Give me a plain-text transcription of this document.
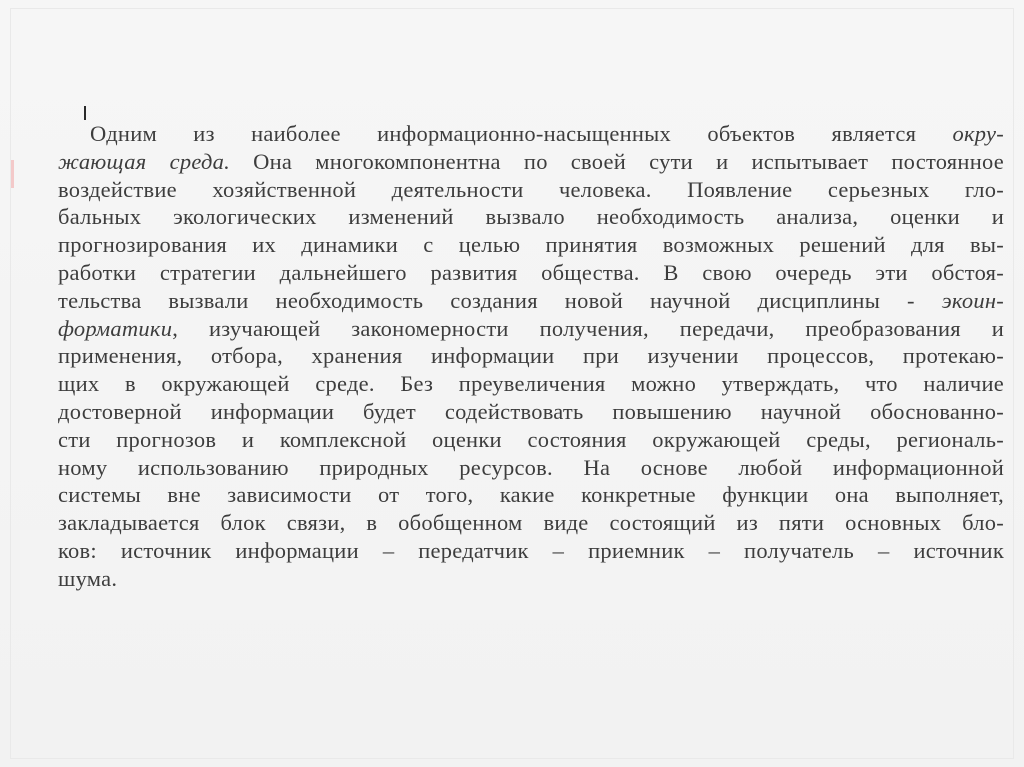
Одним из наиболее информационно-насыщенных объектов является окру-
жающая среда. Она многокомпонентна по своей сути и испытывает постоянное
воздействие хозяйственной деятельности человека. Появление серьезных гло-
бальных экологических изменений вызвало необходимость анализа, оценки и
прогнозирования их динамики с целью принятия возможных решений для вы-
работки стратегии дальнейшего развития общества. В свою очередь эти обстоя-
тельства вызвали необходимость создания новой научной дисциплины - экоин-
форматики, изучающей закономерности получения, передачи, преобразования и
применения, отбора, хранения информации при изучении процессов, протекаю-
щих в окружающей среде. Без преувеличения можно утверждать, что наличие
достоверной информации будет содействовать повышению научной обоснованно-
сти прогнозов и комплексной оценки состояния окружающей среды, региональ-
ному использованию природных ресурсов. На основе любой информационной
системы вне зависимости от того, какие конкретные функции она выполняет,
закладывается блок связи, в обобщенном виде состоящий из пяти основных бло-
ков: источник информации – передатчик – приемник – получатель – источник
шума.
